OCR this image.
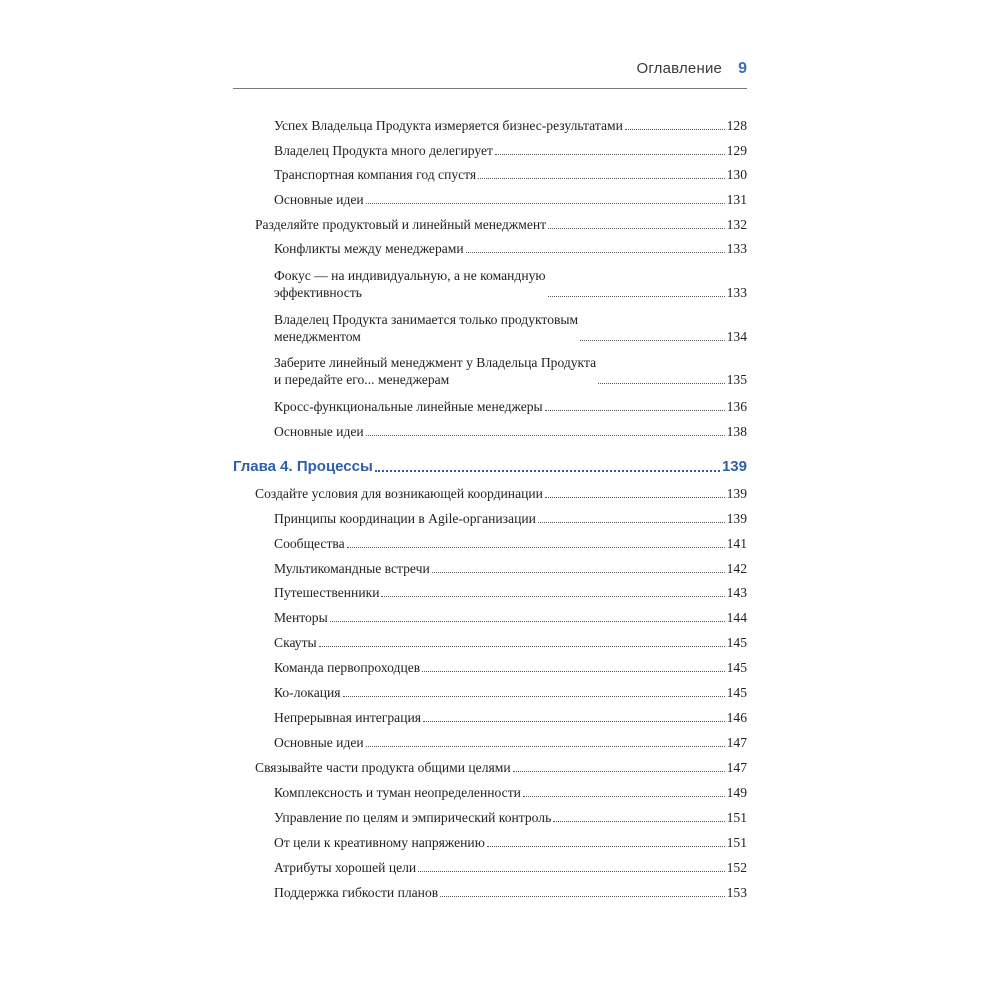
Оглавление 9
Успех Владельца Продукта измеряется бизнес-результатами	128
Владелец Продукта много делегирует	129
Транспортная компания год спустя	130
Основные идеи	131
Разделяйте продуктовый и линейный менеджмент	132
Конфликты между менеджерами	133
Фокус — на индивидуальную, а не командную
эффективность	133
Владелец Продукта занимается только продуктовым
менеджментом	134
Заберите линейный менеджмент у Владельца Продукта
и передайте его... менеджерам	135
Кросс-функциональные линейные менеджеры	136
Основные идеи	138
Глава 4. Процессы	139
Создайте условия для возникающей координации	139
Принципы координации в Agile-организации	139
Сообщества	141
Мультикомандные встречи	142
Путешественники	143
Менторы	144
Скауты	145
Команда первопроходцев	145
Ко-локация	145
Непрерывная интеграция	146
Основные идеи	147
Связывайте части продукта общими целями	147
Комплексность и туман неопределенности	149
Управление по целям и эмпирический контроль	151
От цели к креативному напряжению	151
Атрибуты хорошей цели	152
Поддержка гибкости планов	153
